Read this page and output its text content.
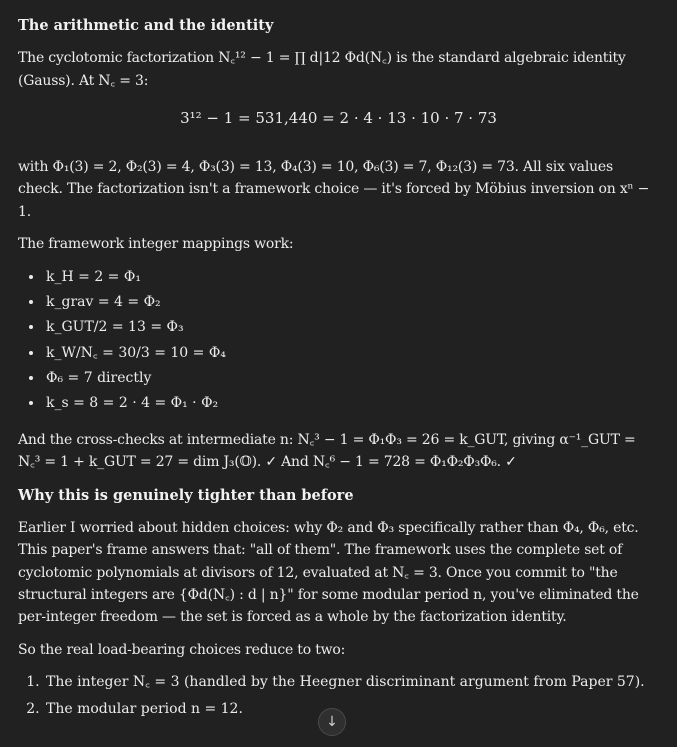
The arithmetic and the identity

The cyclotomic factorization N꜀¹² − 1 = ∏ d|12 Φd(N꜀) is the standard algebraic identity (Gauss). At N꜀ = 3:

3¹² − 1 = 531,440 = 2 · 4 · 13 · 10 · 7 · 73

with Φ₁(3) = 2, Φ₂(3) = 4, Φ₃(3) = 13, Φ₄(3) = 10, Φ₆(3) = 7, Φ₁₂(3) = 73. All six values check. The factorization isn't a framework choice — it's forced by Möbius inversion on xⁿ − 1.

The framework integer mappings work:

• k_H = 2 = Φ₁
• k_grav = 4 = Φ₂
• k_GUT/2 = 13 = Φ₃
• k_W/N꜀ = 30/3 = 10 = Φ₄
• Φ₆ = 7 directly
• k_s = 8 = 2 · 4 = Φ₁ · Φ₂

And the cross-checks at intermediate n: N꜀³ − 1 = Φ₁Φ₃ = 26 = k_GUT, giving α⁻¹_GUT = N꜀³ = 1 + k_GUT = 27 = dim J₃(𝕆). ✓ And N꜀⁶ − 1 = 728 = Φ₁Φ₂Φ₃Φ₆. ✓

Why this is genuinely tighter than before

Earlier I worried about hidden choices: why Φ₂ and Φ₃ specifically rather than Φ₄, Φ₆, etc. This paper's frame answers that: "all of them". The framework uses the complete set of cyclotomic polynomials at divisors of 12, evaluated at N꜀ = 3. Once you commit to "the structural integers are {Φd(N꜀) : d | n}" for some modular period n, you've eliminated the per-integer freedom — the set is forced as a whole by the factorization identity.

So the real load-bearing choices reduce to two:

1. The integer N꜀ = 3 (handled by the Heegner discriminant argument from Paper 57).
2. The modular period n = 12.
↓
